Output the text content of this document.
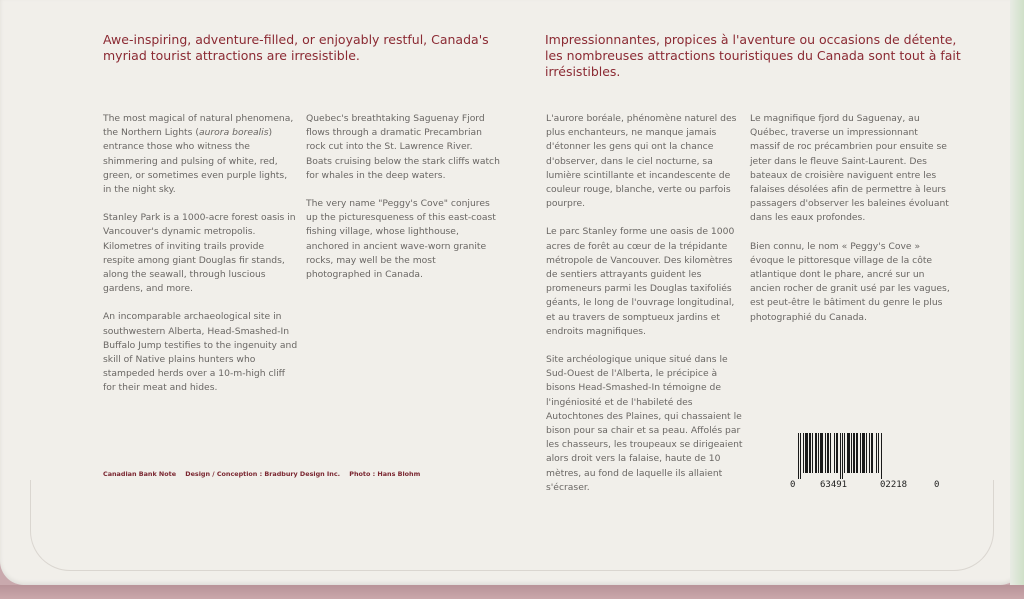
Awe-inspiring, adventure-filled, or enjoyably restful, Canada's myriad tourist attractions are irresistible.
Impressionnantes, propices à l'aventure ou occasions de détente, les nombreuses attractions touristiques du Canada sont tout à fait irrésistibles.

The most magical of natural phenomena, the Northern Lights (aurora borealis) entrance those who witness the shimmering and pulsing of white, red, green, or sometimes even purple lights, in the night sky.

Stanley Park is a 1000-acre forest oasis in Vancouver's dynamic metropolis. Kilometres of inviting trails provide respite among giant Douglas fir stands, along the seawall, through luscious gardens, and more.

An incomparable archaeological site in southwestern Alberta, Head-Smashed-In Buffalo Jump testifies to the ingenuity and skill of Native plains hunters who stampeded herds over a 10-m-high cliff for their meat and hides.

Quebec's breathtaking Saguenay Fjord flows through a dramatic Precambrian rock cut into the St. Lawrence River. Boats cruising below the stark cliffs watch for whales in the deep waters.

The very name "Peggy's Cove" conjures up the picturesqueness of this east-coast fishing village, whose lighthouse, anchored in ancient wave-worn granite rocks, may well be the most photographed in Canada.

L'aurore boréale, phénomène naturel des plus enchanteurs, ne manque jamais d'étonner les gens qui ont la chance d'observer, dans le ciel nocturne, sa lumière scintillante et incandescente de couleur rouge, blanche, verte ou parfois pourpre.

Le parc Stanley forme une oasis de 1000 acres de forêt au cœur de la trépidante métropole de Vancouver. Des kilomètres de sentiers attrayants guident les promeneurs parmi les Douglas taxifoliés géants, le long de l'ouvrage longitudinal, et au travers de somptueux jardins et endroits magnifiques.

Site archéologique unique situé dans le Sud-Ouest de l'Alberta, le précipice à bisons Head-Smashed-In témoigne de l'ingéniosité et de l'habileté des Autochtones des Plaines, qui chassaient le bison pour sa chair et sa peau. Affolés par les chasseurs, les troupeaux se dirigeaient alors droit vers la falaise, haute de 10 mètres, au fond de laquelle ils allaient s'écraser.

Le magnifique fjord du Saguenay, au Québec, traverse un impressionnant massif de roc précambrien pour ensuite se jeter dans le fleuve Saint-Laurent. Des bateaux de croisière naviguent entre les falaises désolées afin de permettre à leurs passagers d'observer les baleines évoluant dans les eaux profondes.

Bien connu, le nom « Peggy's Cove » évoque le pittoresque village de la côte atlantique dont le phare, ancré sur un ancien rocher de granit usé par les vagues, est peut-être le bâtiment du genre le plus photographié du Canada.

Canadian Bank Note Design / Conception : Bradbury Design Inc. Photo : Hans Blohm
0	63491	02218	0
